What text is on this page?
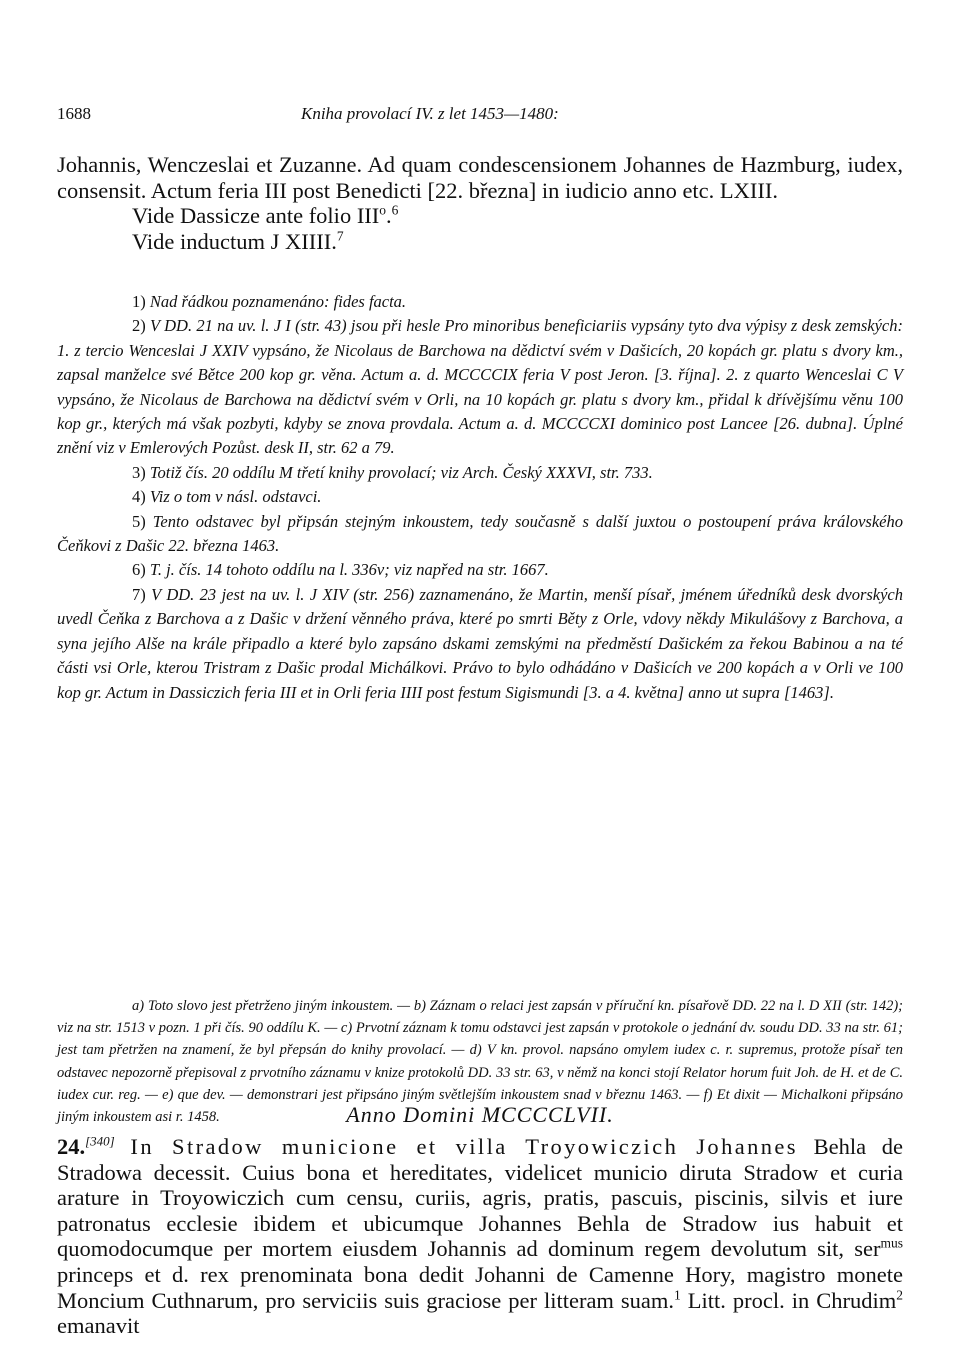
1688	Kniha provolací IV. z let 1453—1480:

Johannis, Wenczeslai et Zuzanne. Ad quam condescensionem Johannes de Hazmburg, iudex, consensit. Actum feria III post Benedicti [22. března] in iudicio anno etc. LXIII.

Vide Dassicze ante folio III$^o$.$^6$

Vide inductum J XIIII.$^7$

1) Nad řádkou poznamenáno: fides facta.

2) V DD. 21 na uv. l. J I (str. 43) jsou při hesle Pro minoribus beneficiariis vypsány tyto dva výpisy z desk zemských: 1. z tercio Wenceslai J XXIV vypsáno, že Nicolaus de Barchowa na dědictví svém v Dašicích, 20 kopách gr. platu s dvory km., zapsal manželce své Bětce 200 kop gr. věna. Actum a. d. MCCCCIX feria V post Jeron. [3. října]. 2. z quarto Wenceslai C V vypsáno, že Nicolaus de Barchowa na dědictví svém v Orli, na 10 kopách gr. platu s dvory km., přidal k dřívějšímu věnu 100 kop gr., kterých má však pozbyti, kdyby se znova provdala. Actum a. d. MCCCCXI dominico post Lancee [26. dubna]. Úplné znění viz v Emlerových Pozůst. desk II, str. 62 a 79.

3) Totiž čís. 20 oddílu M třetí knihy provolací; viz Arch. Český XXXVI, str. 733.

4) Viz o tom v násl. odstavci.

5) Tento odstavec byl připsán stejným inkoustem, tedy současně s další juxtou o postoupení práva královského Čeňkovi z Dašic 22. března 1463.

6) T. j. čís. 14 tohoto oddílu na l. 336v; viz napřed na str. 1667.

7) V DD. 23 jest na uv. l. J XIV (str. 256) zaznamenáno, že Martin, menší písař, jménem úředníků desk dvorských uvedl Čeňka z Barchova a z Dašic v držení věnného práva, které po smrti Běty z Orle, vdovy někdy Mikulášovy z Barchova, a syna jejího Alše na krále připadlo a které bylo zapsáno dskami zemskými na předměstí Dašickém za řekou Babinou a na té části vsi Orle, kterou Tristram z Dašic prodal Michálkovi. Právo to bylo odhádáno v Dašicích ve 200 kopách a v Orli ve 100 kop gr. Actum in Dassiczich feria III et in Orli feria IIII post festum Sigismundi [3. a 4. května] anno ut supra [1463].

a) Toto slovo jest přetrženo jiným inkoustem. — b) Záznam o relaci jest zapsán v příruční kn. písařově DD. 22 na l. D XII (str. 142); viz na str. 1513 v pozn. 1 při čís. 90 oddílu K. — c) Prvotní záznam k tomu odstavci jest zapsán v protokole o jednání dv. soudu DD. 33 na str. 61; jest tam přetržen na znamení, že byl přepsán do knihy provolací. — d) V kn. provol. napsáno omylem iudex c. r. supremus, protože písař ten odstavec nepozorně přepisoval z prvotního záznamu v knize protokolů DD. 33 str. 63, v němž na konci stojí Relator horum fuit Joh. de H. et de C. iudex cur. reg. — e) que dev. — demonstrari jest připsáno jiným světlejším inkoustem snad v březnu 1463. — f) Et dixit — Michalkoni připsáno jiným inkoustem asi r. 1458.	Anno Domini MCCCCLVII.

24.[340] In Stradow municione et villa Troyowiczich Johannes Behla de Stradowa decessit. Cuius bona et hereditates, videlicet municio diruta Stradow et curia arature in Troyowiczich cum censu, curiis, agris, pratis, pascuis, piscinis, silvis et iure patronatus ecclesie ibidem et ubicumque Johannes Behla de Stradow ius habuit et quomodocumque per mortem eiusdem Johannis ad dominum regem devolutum sit, ser$^{mus}$ princeps et d. rex prenominata bona dedit Johanni de Camenne Hory, magistro monete Moncium Cuthnarum, pro serviciis suis graciose per litteram suam.$^1$ Litt. procl. in Chrudim$^2$ emanavit
